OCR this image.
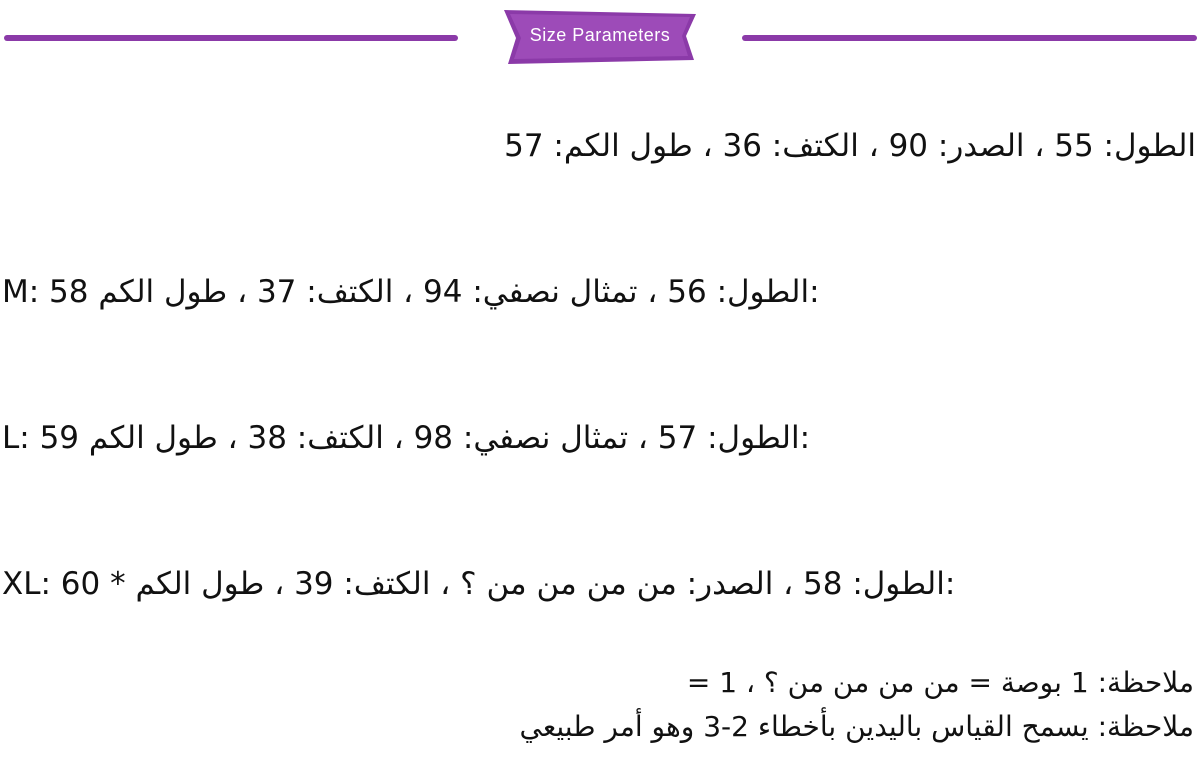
Size Parameters
الطول: 55 ، الصدر: 90 ، الكتف: 36 ، طول الكم: 57
M: 58 الطول: 56 ، تمثال نصفي: 94 ، الكتف: 37 ، طول الكم:
L: 59 الطول: 57 ، تمثال نصفي: 98 ، الكتف: 38 ، طول الكم:
XL: 60 * الطول: 58 ، الصدر: من من من من ؟ ، الكتف: 39 ، طول الكم:
ملاحظة: 1 بوصة = من من من من ؟ ، 1 =
ملاحظة: يسمح القياس باليدين بأخطاء 2-3 وهو أمر طبيعي
